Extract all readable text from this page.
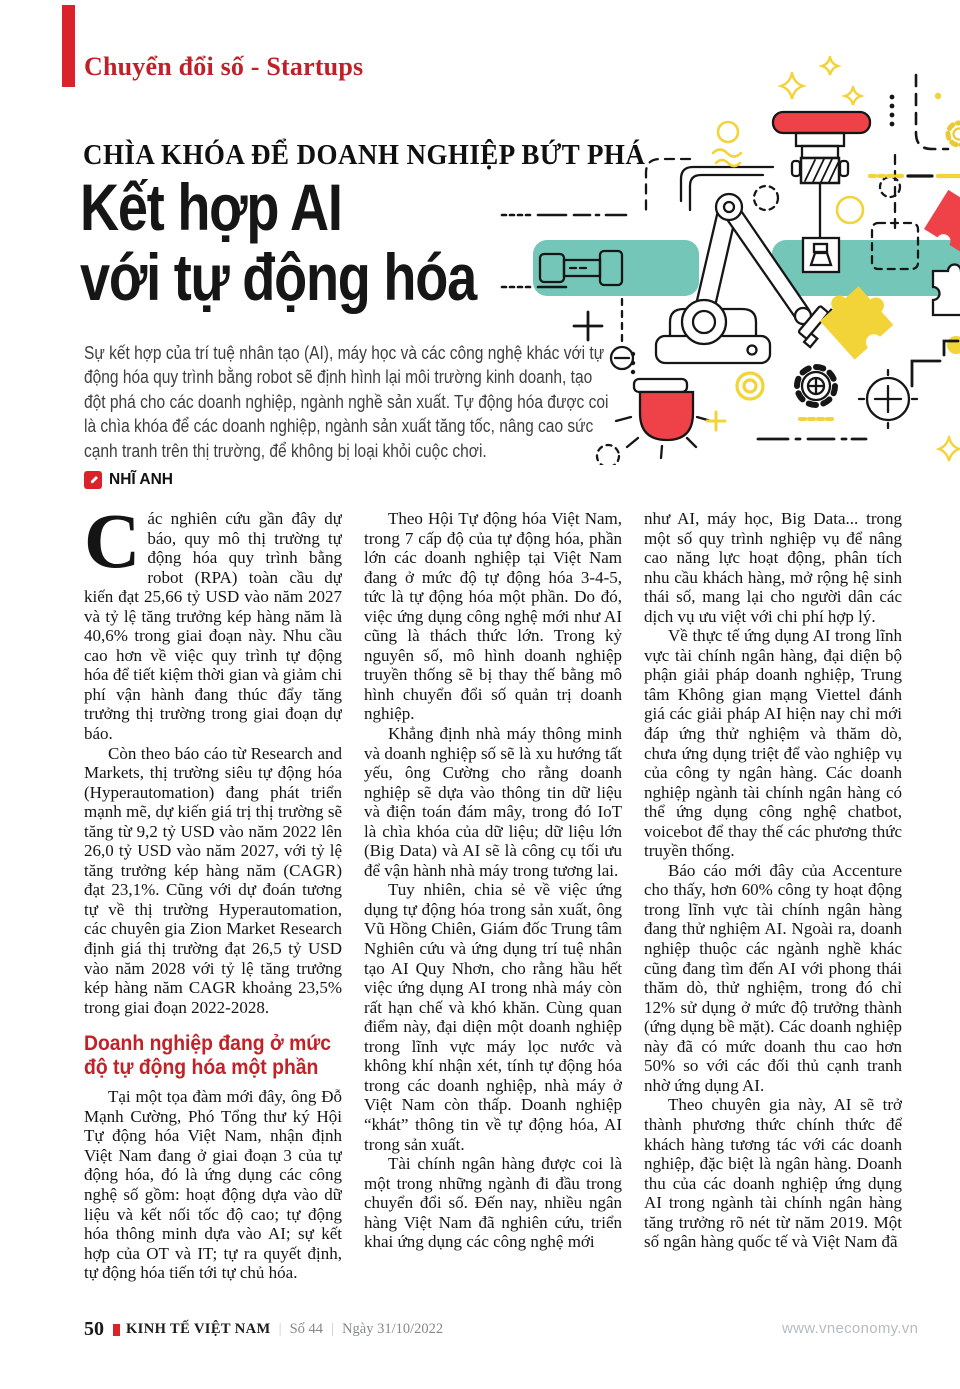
Chuyển đổi số - Startups
CHÌA KHÓA ĐỂ DOANH NGHIỆP BỨT PHÁ
Kết hợp AI
với tự động hóa
Sự kết hợp của trí tuệ nhân tạo (AI), máy học và các công nghệ khác với tự động hóa quy trình bằng robot sẽ định hình lại môi trường kinh doanh, tạo đột phá cho các doanh nghiệp, ngành nghề sản xuất. Tự động hóa được coi là chìa khóa để các doanh nghiệp, ngành sản xuất tăng tốc, nâng cao sức cạnh tranh trên thị trường, để không bị loại khỏi cuộc chơi.
NHĨ ANH

Các nghiên cứu gần đây dự báo, quy mô thị trường tự động hóa quy trình bằng robot (RPA) toàn cầu dự kiến đạt 25,66 tỷ USD vào năm 2027 và tỷ lệ tăng trưởng kép hàng năm là 40,6% trong giai đoạn này. Nhu cầu cao hơn về việc quy trình tự động hóa để tiết kiệm thời gian và giảm chi phí vận hành đang thúc đẩy tăng trưởng thị trường trong giai đoạn dự báo.

Còn theo báo cáo từ Research and Markets, thị trường siêu tự động hóa (Hyperautomation) đang phát triển mạnh mẽ, dự kiến giá trị thị trường sẽ tăng từ 9,2 tỷ USD vào năm 2022 lên 26,0 tỷ USD vào năm 2027, với tỷ lệ tăng trưởng kép hàng năm (CAGR) đạt 23,1%. Cũng với dự đoán tương tự về thị trường Hyperautomation, các chuyên gia Zion Market Research định giá thị trường đạt 26,5 tỷ USD vào năm 2028 với tỷ lệ tăng trưởng kép hàng năm CAGR khoảng 23,5% trong giai đoạn 2022-2028.

Doanh nghiệp đang ở mức độ tự động hóa một phần

Tại một tọa đàm mới đây, ông Đỗ Mạnh Cường, Phó Tổng thư ký Hội Tự động hóa Việt Nam, nhận định Việt Nam đang ở giai đoạn 3 của tự động hóa, đó là ứng dụng các công nghệ số gồm: hoạt động dựa vào dữ liệu và kết nối tốc độ cao; tự động hóa thông minh dựa vào AI; sự kết hợp của OT và IT; tự ra quyết định, tự động hóa tiến tới tự chủ hóa.

Theo Hội Tự động hóa Việt Nam, trong 7 cấp độ của tự động hóa, phần lớn các doanh nghiệp tại Việt Nam đang ở mức độ tự động hóa 3-4-5, tức là tự động hóa một phần. Do đó, việc ứng dụng công nghệ mới như AI cũng là thách thức lớn. Trong kỷ nguyên số, mô hình doanh nghiệp truyền thống sẽ bị thay thế bằng mô hình chuyển đổi số quản trị doanh nghiệp.

Khẳng định nhà máy thông minh và doanh nghiệp số sẽ là xu hướng tất yếu, ông Cường cho rằng doanh nghiệp sẽ dựa vào thông tin dữ liệu và điện toán đám mây, trong đó IoT là chìa khóa của dữ liệu; dữ liệu lớn (Big Data) và AI sẽ là công cụ tối ưu để vận hành nhà máy trong tương lai.

Tuy nhiên, chia sẻ về việc ứng dụng tự động hóa trong sản xuất, ông Vũ Hồng Chiên, Giám đốc Trung tâm Nghiên cứu và ứng dụng trí tuệ nhân tạo AI Quy Nhơn, cho rằng hầu hết việc ứng dụng AI trong nhà máy còn rất hạn chế và khó khăn. Cùng quan điểm này, đại diện một doanh nghiệp trong lĩnh vực máy lọc nước và không khí nhận xét, tính tự động hóa trong các doanh nghiệp, nhà máy ở Việt Nam còn thấp. Doanh nghiệp “khát” thông tin về tự động hóa, AI trong sản xuất.

Tài chính ngân hàng được coi là một trong những ngành đi đầu trong chuyển đổi số. Đến nay, nhiều ngân hàng Việt Nam đã nghiên cứu, triển khai ứng dụng các công nghệ mới

như AI, máy học, Big Data... trong một số quy trình nghiệp vụ để nâng cao năng lực hoạt động, phân tích nhu cầu khách hàng, mở rộng hệ sinh thái số, mang lại cho người dân các dịch vụ ưu việt với chi phí hợp lý.

Về thực tế ứng dụng AI trong lĩnh vực tài chính ngân hàng, đại diện bộ phận giải pháp doanh nghiệp, Trung tâm Không gian mạng Viettel đánh giá các giải pháp AI hiện nay chỉ mới đáp ứng thử nghiệm và thăm dò, chưa ứng dụng triệt để vào nghiệp vụ của công ty ngân hàng. Các doanh nghiệp ngành tài chính ngân hàng có thể ứng dụng công nghệ chatbot, voicebot để thay thế các phương thức truyền thống.

Báo cáo mới đây của Accenture cho thấy, hơn 60% công ty hoạt động trong lĩnh vực tài chính ngân hàng đang thử nghiệm AI. Ngoài ra, doanh nghiệp thuộc các ngành nghề khác cũng đang tìm đến AI với phong thái thăm dò, thử nghiệm, trong đó chỉ 12% sử dụng ở mức độ trưởng thành (ứng dụng bề mặt). Các doanh nghiệp này đã có mức doanh thu cao hơn 50% so với các đối thủ cạnh tranh nhờ ứng dụng AI.

Theo chuyên gia này, AI sẽ trở thành phương thức chính thức để khách hàng tương tác với các doanh nghiệp, đặc biệt là ngân hàng. Doanh thu của các doanh nghiệp ứng dụng AI trong ngành tài chính ngân hàng tăng trưởng rõ nét từ năm 2019. Một số ngân hàng quốc tế và Việt Nam đã

50 KINH TẾ VIỆT NAM | Số 44 | Ngày 31/10/2022	www.vneconomy.vn
